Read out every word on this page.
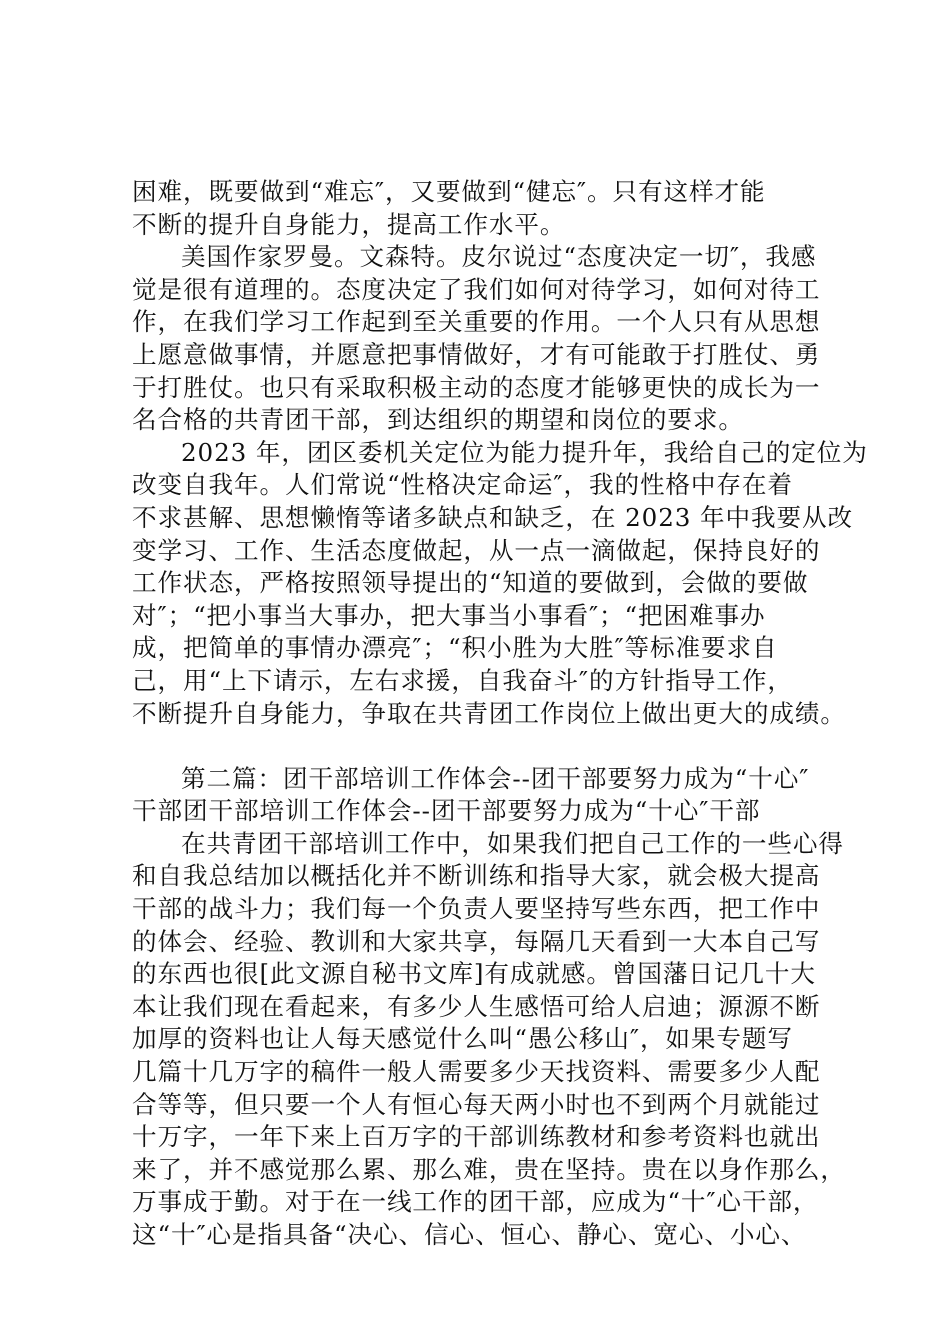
困难，既要做到“难忘″，又要做到“健忘″。只有这样才能
不断的提升自身能力，提高工作水平。
美国作家罗曼。文森特。皮尔说过“态度决定一切″，我感
觉是很有道理的。态度决定了我们如何对待学习，如何对待工
作，在我们学习工作起到至关重要的作用。一个人只有从思想
上愿意做事情，并愿意把事情做好，才有可能敢于打胜仗、勇
于打胜仗。也只有采取积极主动的态度才能够更快的成长为一
名合格的共青团干部，到达组织的期望和岗位的要求。
2023 年，团区委机关定位为能力提升年，我给自己的定位为
改变自我年。人们常说“性格决定命运″，我的性格中存在着
不求甚解、思想懒惰等诸多缺点和缺乏，在 2023 年中我要从改
变学习、工作、生活态度做起，从一点一滴做起，保持良好的
工作状态，严格按照领导提出的“知道的要做到，会做的要做
对″；“把小事当大事办，把大事当小事看″；“把困难事办
成，把简单的事情办漂亮″；“积小胜为大胜″等标准要求自
己，用“上下请示，左右求援，自我奋斗″的方针指导工作，
不断提升自身能力，争取在共青团工作岗位上做出更大的成绩。
第二篇：团干部培训工作体会--团干部要努力成为“十心″
干部团干部培训工作体会--团干部要努力成为“十心″干部
在共青团干部培训工作中，如果我们把自己工作的一些心得
和自我总结加以概括化并不断训练和指导大家，就会极大提高
干部的战斗力；我们每一个负责人要坚持写些东西，把工作中
的体会、经验、教训和大家共享，每隔几天看到一大本自己写
的东西也很[此文源自秘书文库]有成就感。曾国藩日记几十大
本让我们现在看起来，有多少人生感悟可给人启迪；源源不断
加厚的资料也让人每天感觉什么叫“愚公移山″，如果专题写
几篇十几万字的稿件一般人需要多少天找资料、需要多少人配
合等等，但只要一个人有恒心每天两小时也不到两个月就能过
十万字，一年下来上百万字的干部训练教材和参考资料也就出
来了，并不感觉那么累、那么难，贵在坚持。贵在以身作那么，
万事成于勤。对于在一线工作的团干部，应成为“十″心干部，
这“十″心是指具备“决心、信心、恒心、静心、宽心、小心、
